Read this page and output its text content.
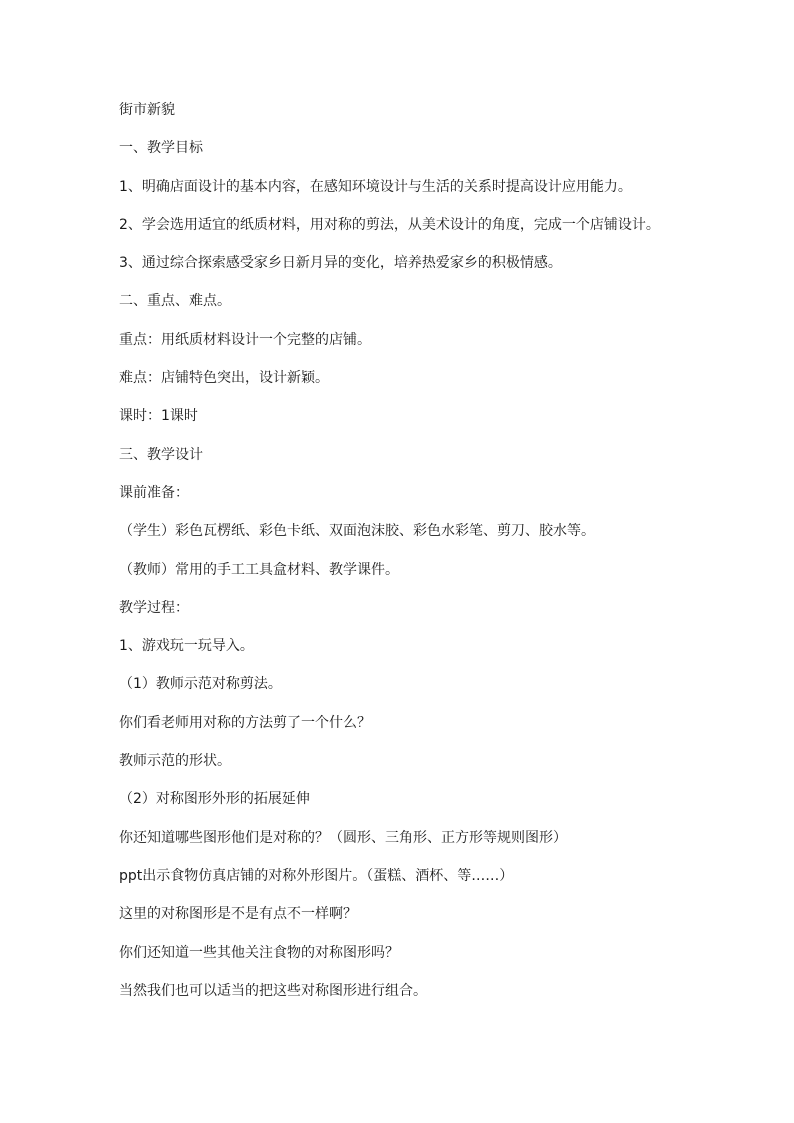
街市新貌
一、教学目标
1、明确店面设计的基本内容，在感知环境设计与生活的关系时提高设计应用能力。
2、学会选用适宜的纸质材料，用对称的剪法，从美术设计的角度，完成一个店铺设计。
3、通过综合探索感受家乡日新月异的变化，培养热爱家乡的积极情感。
二、重点、难点。
重点：用纸质材料设计一个完整的店铺。
难点：店铺特色突出，设计新颖。
课时：1课时
三、教学设计
课前准备：
（学生）彩色瓦楞纸、彩色卡纸、双面泡沫胶、彩色水彩笔、剪刀、胶水等。
（教师）常用的手工工具盒材料、教学课件。
教学过程：
1、游戏玩一玩导入。
（1）教师示范对称剪法。
你们看老师用对称的方法剪了一个什么？
教师示范的形状。
（2）对称图形外形的拓展延伸
你还知道哪些图形他们是对称的？（圆形、三角形、正方形等规则图形）
ppt出示食物仿真店铺的对称外形图片。（蛋糕、酒杯、等……）
这里的对称图形是不是有点不一样啊？
你们还知道一些其他关注食物的对称图形吗？
当然我们也可以适当的把这些对称图形进行组合。
